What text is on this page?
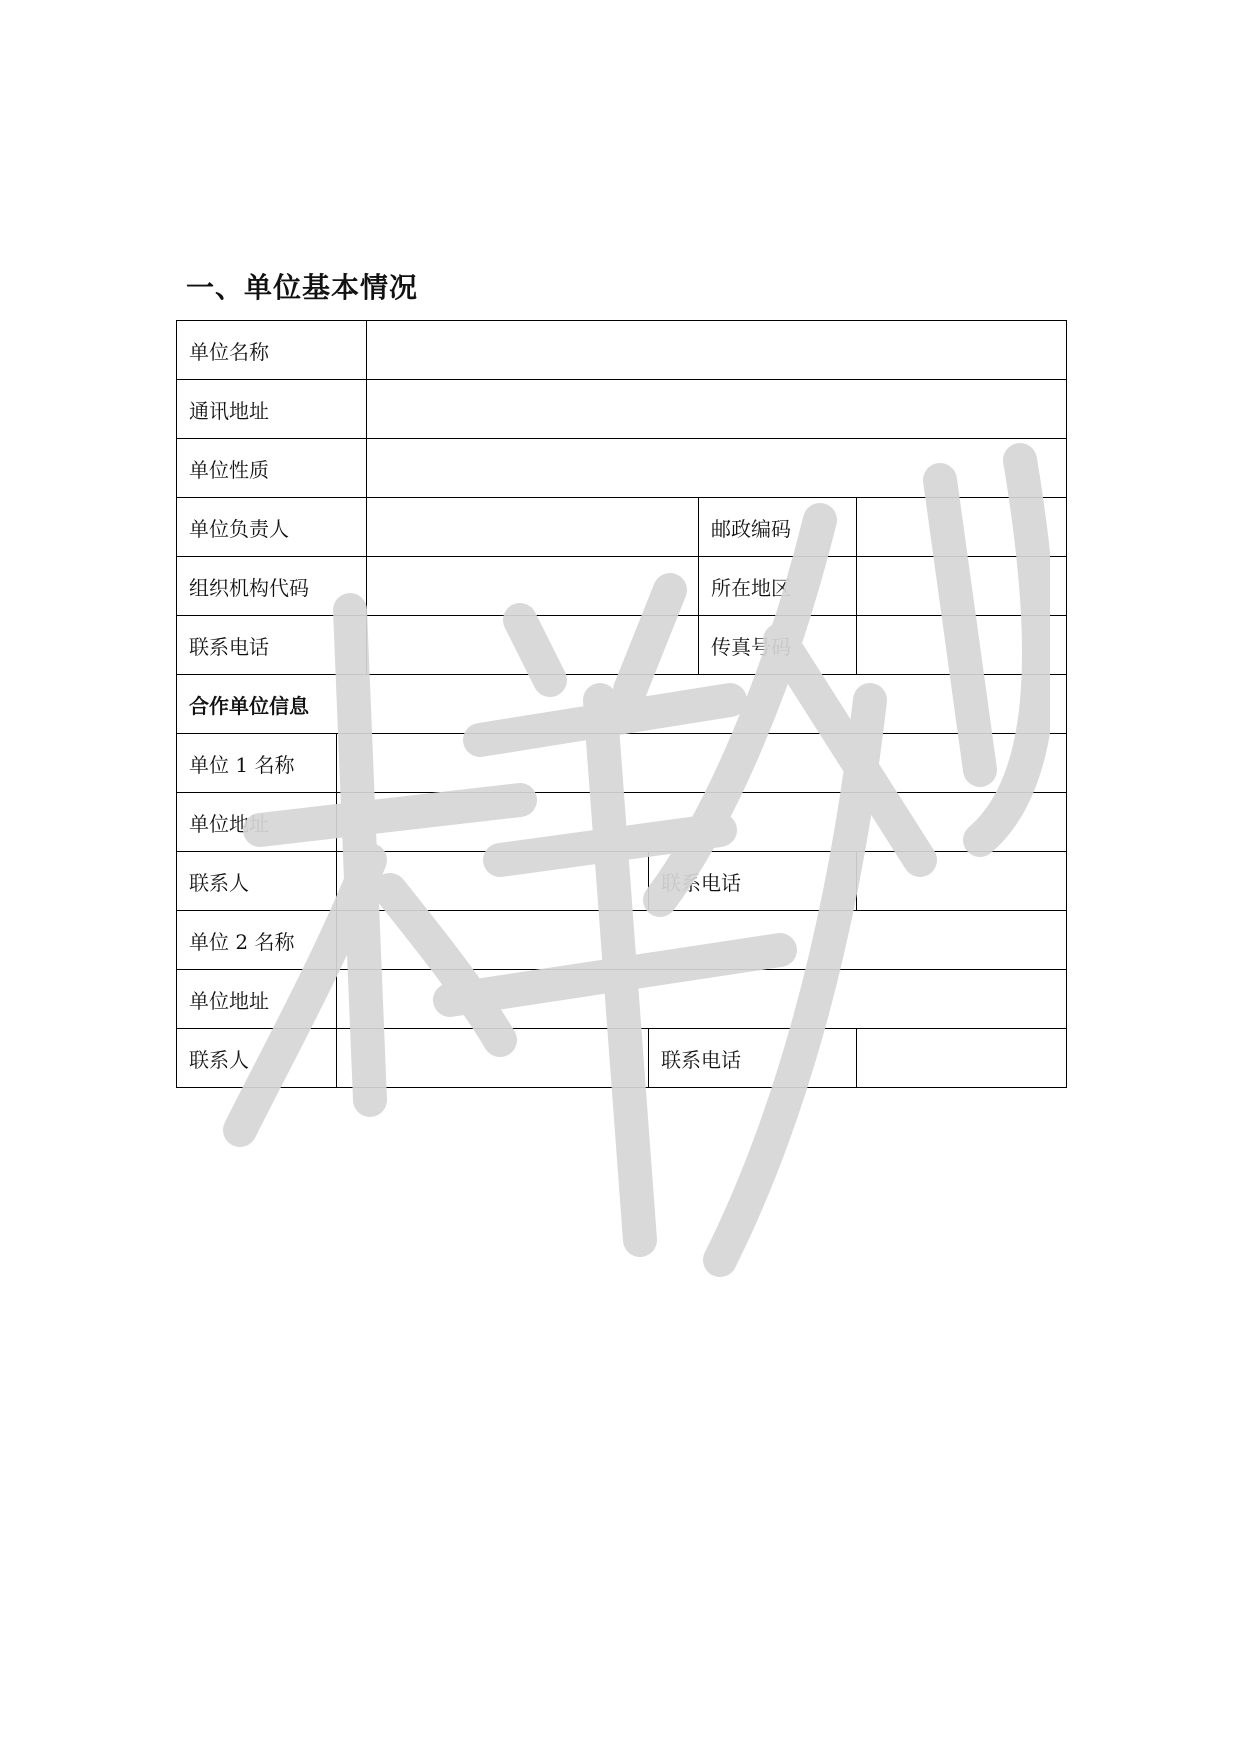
一、单位基本情况
单位名称					
通讯地址					
单位性质					
单位负责人				邮政编码	
组织机构代码				所在地区	
联系电话				传真号码	
合作单位信息					
单位 1 名称					
单位地址					
联系人			联系电话		
单位 2 名称					
单位地址					
联系人			联系电话		
